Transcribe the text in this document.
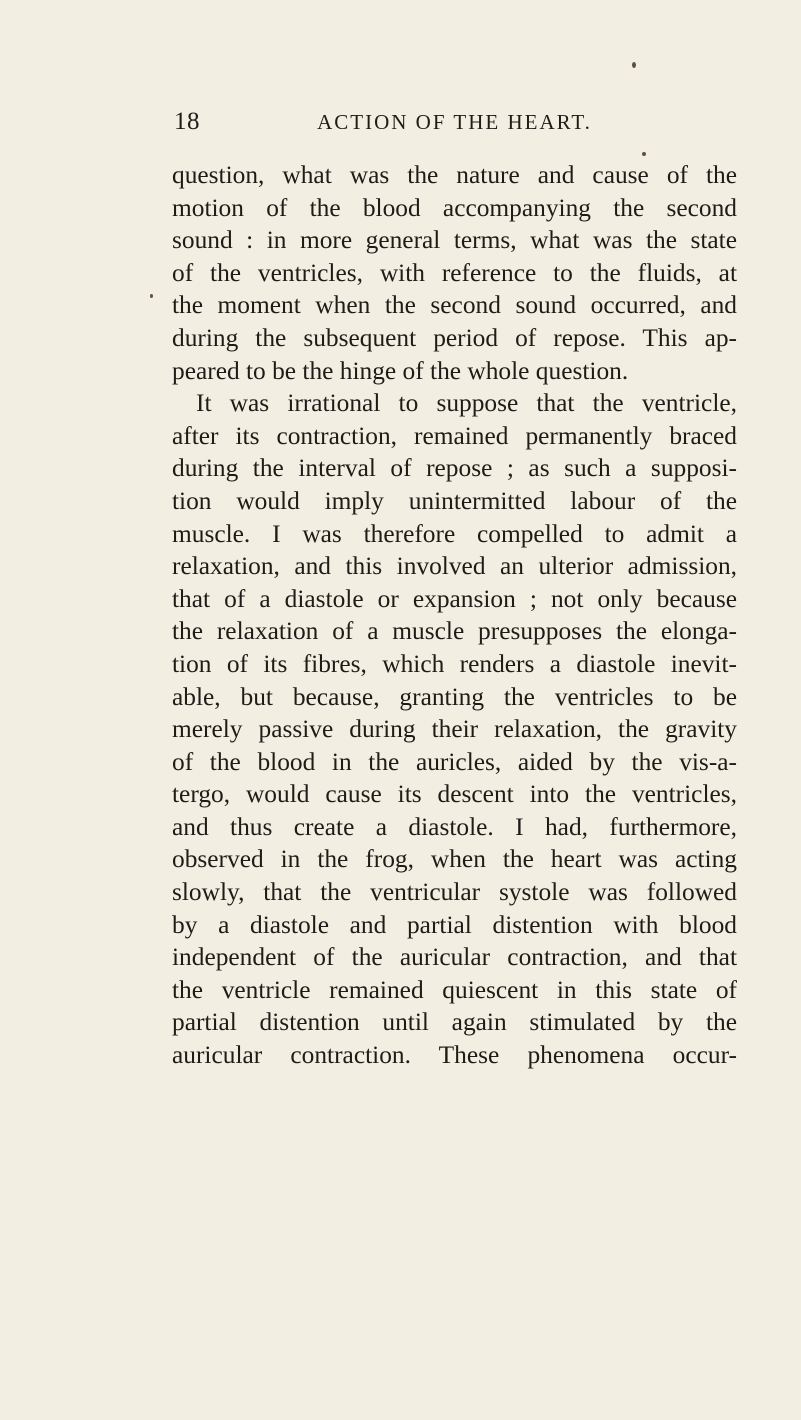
18	ACTION OF THE HEART.
question, what was the nature and cause of the
motion of the blood accompanying the second
sound : in more general terms, what was the state
of the ventricles, with reference to the fluids, at
the moment when the second sound occurred, and
during the subsequent period of repose. This ap-
peared to be the hinge of the whole question.
It was irrational to suppose that the ventricle,
after its contraction, remained permanently braced
during the interval of repose ; as such a supposi-
tion would imply unintermitted labour of the
muscle. I was therefore compelled to admit a
relaxation, and this involved an ulterior admission,
that of a diastole or expansion ; not only because
the relaxation of a muscle presupposes the elonga-
tion of its fibres, which renders a diastole inevit-
able, but because, granting the ventricles to be
merely passive during their relaxation, the gravity
of the blood in the auricles, aided by the vis-a-
tergo, would cause its descent into the ventricles,
and thus create a diastole. I had, furthermore,
observed in the frog, when the heart was acting
slowly, that the ventricular systole was followed
by a diastole and partial distention with blood
independent of the auricular contraction, and that
the ventricle remained quiescent in this state of
partial distention until again stimulated by the
auricular contraction. These phenomena occur-
